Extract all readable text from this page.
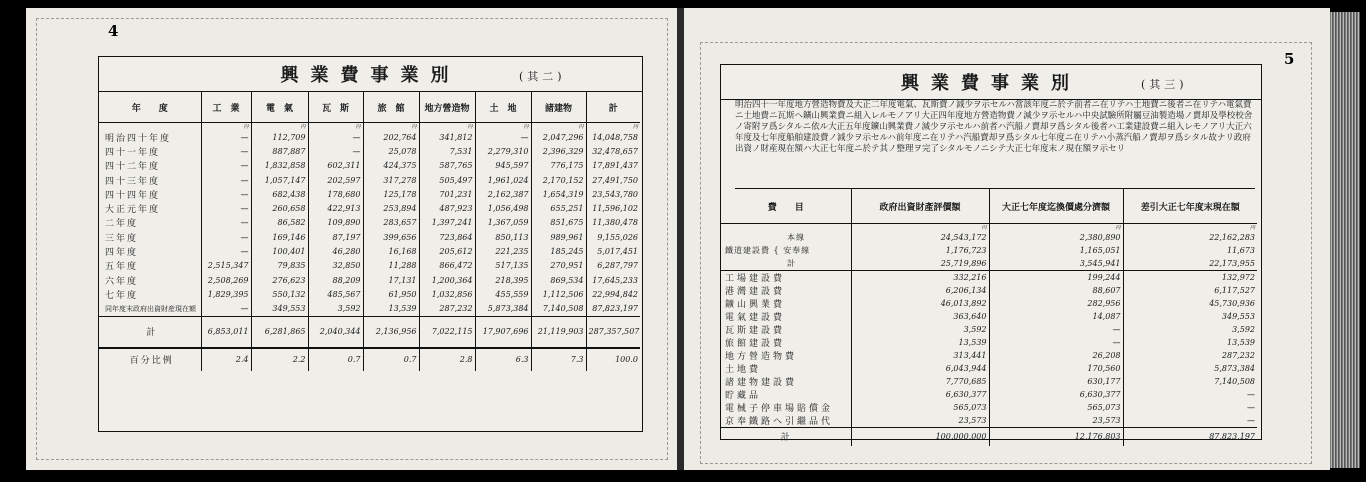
4
興業費事業別	(其二)
年　　度	工　業	電　氣	瓦　斯	旅　館	地方營造物	土　地	諸建物	計
	円	円	円	円	円	円	円	円
明治四十年度	—	112,709	—	202,764	341,812	—	2,047,296	14,048,758
四十一年度	—	887,887	—	25,078	7,531	2,279,310	2,396,329	32,478,657
四十二年度	—	1,832,858	602,311	424,375	587,765	945,597	776,175	17,891,437
四十三年度	—	1,057,147	202,597	317,278	505,497	1,961,024	2,170,152	27,491,750
四十四年度	—	682,438	178,680	125,178	701,231	2,162,387	1,654,319	23,543,780
大正元年度	—	260,658	422,913	253,894	487,923	1,056,498	655,251	11,596,102
二年度	—	86,582	109,890	283,657	1,397,241	1,367,059	851,675	11,380,478
三年度	—	169,146	87,197	399,656	723,864	850,113	989,961	9,155,026
四年度	—	100,401	46,280	16,168	205,612	221,235	185,245	5,017,451
五年度	2,515,347	79,835	32,850	11,288	866,472	517,135	270,951	6,287,797
六年度	2,508,269	276,623	88,209	17,131	1,200,364	218,395	869,534	17,645,233
七年度	1,829,395	550,132	485,567	61,950	1,032,856	455,559	1,112,506	22,994,842
同年度末政府出資財産現在額	—	349,553	3,592	13,539	287,232	5,873,384	7,140,508	87,823,197
計	6,853,011	6,281,865	2,040,344	2,136,956	7,022,115	17,907,696	21,119,903	287,357,507
百分比例	2.4	2.2	0.7	0.7	2.8	6.3	7.3	100.0
5
興業費事業別	(其三)
明治四十一年度地方營造物費及大正二年度電氣、瓦斯費ノ減少ヲ示セルハ當該年度ニ於テ前者ニ在リテハ土地費ニ後者ニ在リテハ電氣費ニ土地費ニ瓦斯ヘ鑛山興業費ニ組入レルモノアリ大正四年度地方營造物費ノ減少ヲ示セルハ中央試驗所附屬豆油製造場ノ賣却及學校校舍ノ寄附ヲ爲シタルニ依ル大正五年度鑛山興業費ノ減少ヲ示セルハ前者ハ汽船ノ賣却ヲ爲シタル後者ハ工業建設費ニ組入レモノアリ大正六年度及七年度船舶建設費ノ減少ヲ示セルハ前年度ニ在リテハ汽船賣却ヲ爲シタル七年度ニ在リテハ小蒸汽船ノ賣却ヲ爲シタル故ナリ政府出資ノ財産現在額ハ大正七年度ニ於テ其ノ整理ヲ完了シタルモノニシテ大正七年度末ノ現在額ヲ示セリ
費　　目	政府出資財產評價額	大正七年度迄換價處分濟額	差引大正七年度末現在額
	円	円	円
本線	24,543,172	2,380,890	22,162,283
鐵道建設費 { 安奉線	1,176,723	1,165,051	11,673
計	25,719,896	3,545,941	22,173,955
工場建設費	332,216	199,244	132,972
港灣建設費	6,206,134	88,607	6,117,527
鑛山興業費	46,013,892	282,956	45,730,936
電氣建設費	363,640	14,087	349,553
瓦斯建設費	3,592	—	3,592
旅館建設費	13,539	—	13,539
地方營造物費	313,441	26,208	287,232
土地費	6,043,944	170,560	5,873,384
諸建物建設費	7,770,685	630,177	7,140,508
貯藏品	6,630,377	6,630,377	—
電械子停車場賠償金	565,073	565,073	—
京奉鐵路ヘ引繼品代	23,573	23,573	—
計	100,000,000	12,176,803	87,823,197
